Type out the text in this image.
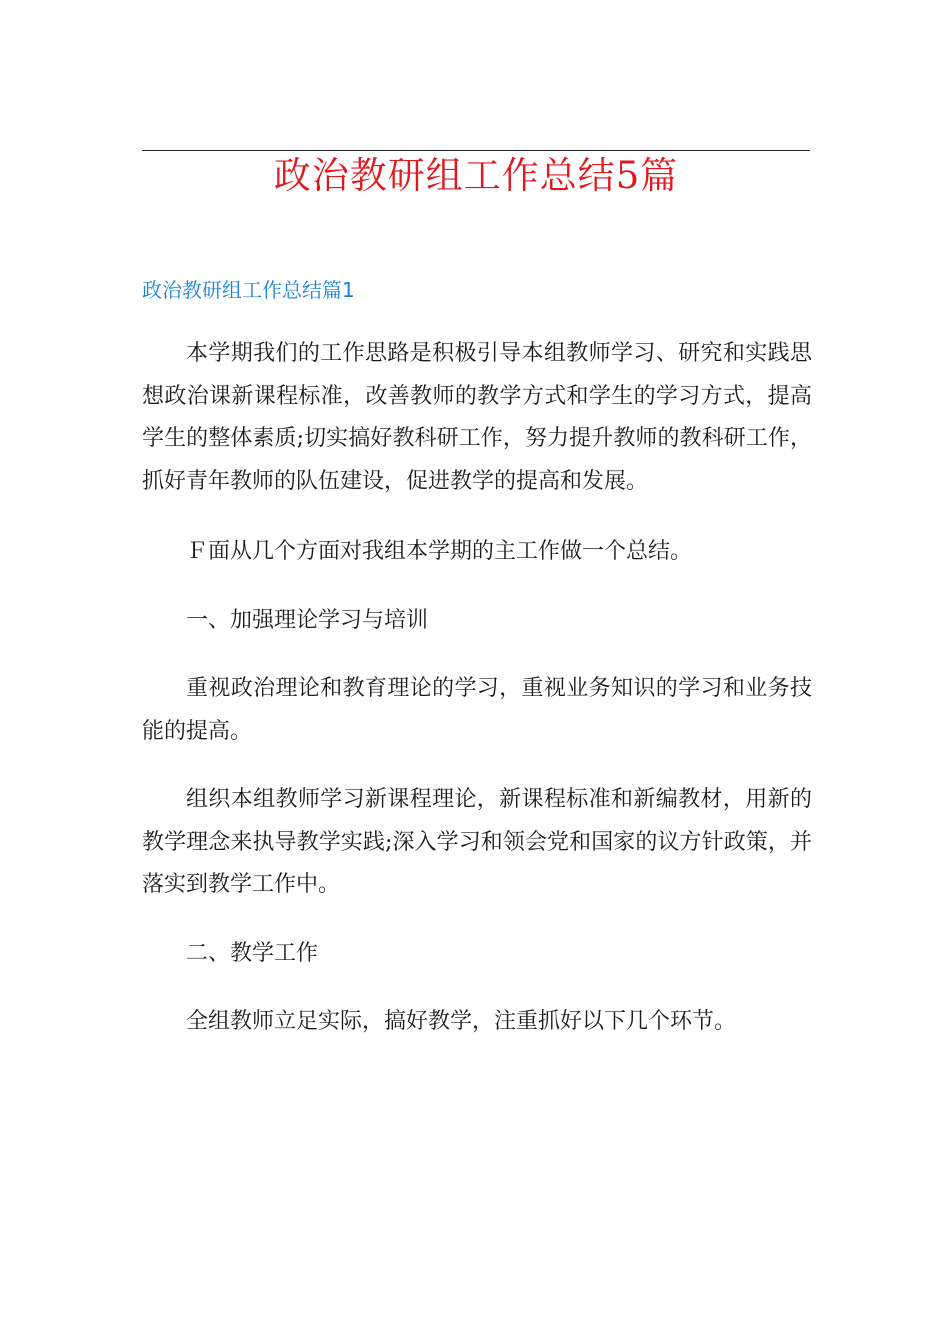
政治教研组工作总结5篇
政治教研组工作总结篇1

本学期我们的工作思路是积极引导本组教师学习、研究和实践思想政治课新课程标准，改善教师的教学方式和学生的学习方式，提高学生的整体素质;切实搞好教科研工作，努力提升教师的教科研工作，抓好青年教师的队伍建设，促进教学的提高和发展。

Ｆ面从几个方面对我组本学期的主工作做一个总结。

一、加强理论学习与培训

重视政治理论和教育理论的学习，重视业务知识的学习和业务技能的提高。

组织本组教师学习新课程理论，新课程标准和新编教材，用新的教学理念来执导教学实践;深入学习和领会党和国家的议方针政策，并落实到教学工作中。

二、教学工作

全组教师立足实际，搞好教学，注重抓好以下几个环节。
